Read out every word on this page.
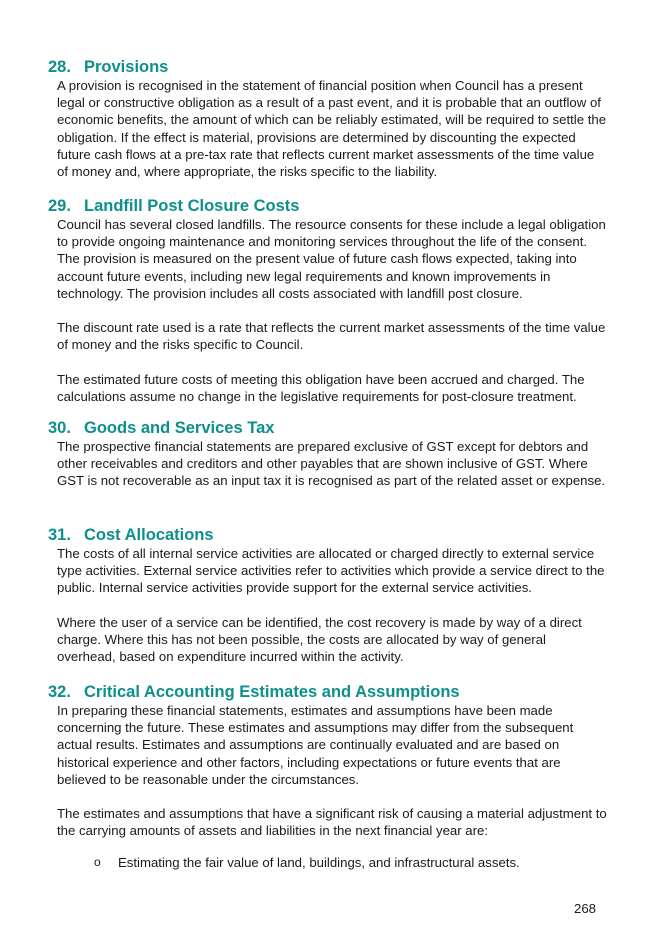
28. Provisions

A provision is recognised in the statement of financial position when Council has a present legal or constructive obligation as a result of a past event, and it is probable that an outflow of economic benefits, the amount of which can be reliably estimated, will be required to settle the obligation. If the effect is material, provisions are determined by discounting the expected future cash flows at a pre-tax rate that reflects current market assessments of the time value of money and, where appropriate, the risks specific to the liability.

29. Landfill Post Closure Costs

Council has several closed landfills. The resource consents for these include a legal obligation to provide ongoing maintenance and monitoring services throughout the life of the consent. The provision is measured on the present value of future cash flows expected, taking into account future events, including new legal requirements and known improvements in technology. The provision includes all costs associated with landfill post closure.

The discount rate used is a rate that reflects the current market assessments of the time value of money and the risks specific to Council.

The estimated future costs of meeting this obligation have been accrued and charged. The calculations assume no change in the legislative requirements for post-closure treatment.

30. Goods and Services Tax

The prospective financial statements are prepared exclusive of GST except for debtors and other receivables and creditors and other payables that are shown inclusive of GST. Where GST is not recoverable as an input tax it is recognised as part of the related asset or expense.

31. Cost Allocations

The costs of all internal service activities are allocated or charged directly to external service type activities. External service activities refer to activities which provide a service direct to the public. Internal service activities provide support for the external service activities.

Where the user of a service can be identified, the cost recovery is made by way of a direct charge. Where this has not been possible, the costs are allocated by way of general overhead, based on expenditure incurred within the activity.

32. Critical Accounting Estimates and Assumptions

In preparing these financial statements, estimates and assumptions have been made concerning the future. These estimates and assumptions may differ from the subsequent actual results. Estimates and assumptions are continually evaluated and are based on historical experience and other factors, including expectations or future events that are believed to be reasonable under the circumstances.

The estimates and assumptions that have a significant risk of causing a material adjustment to the carrying amounts of assets and liabilities in the next financial year are:

o	Estimating the fair value of land, buildings, and infrastructural assets.
268
